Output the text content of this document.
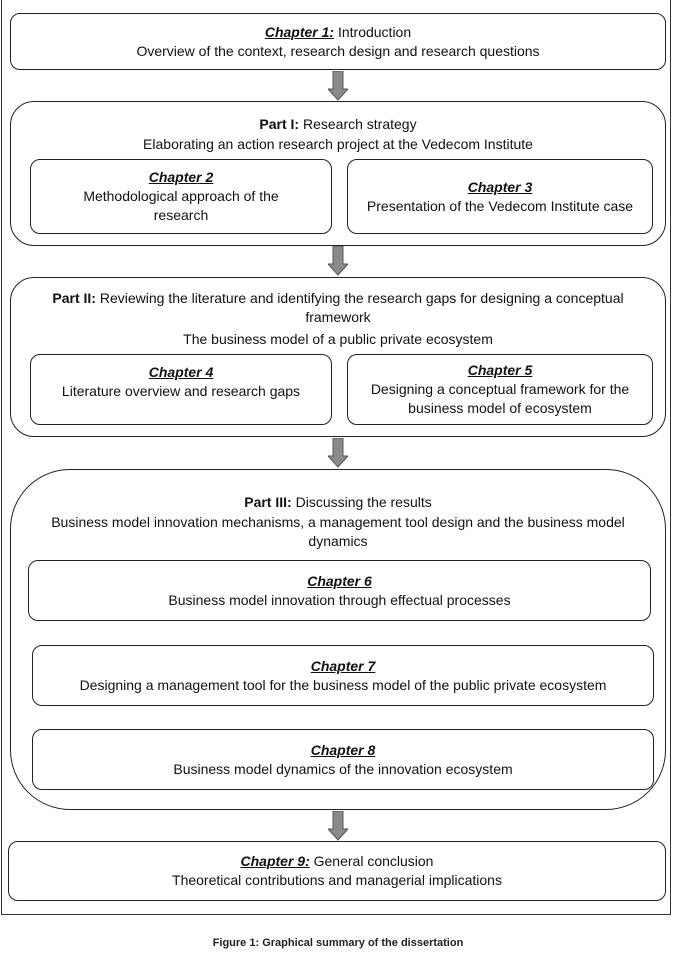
Chapter 1: Introduction
Overview of the context, research design and research questions
Part I: Research strategy
Elaborating an action research project at the Vedecom Institute
Chapter 2
Methodological approach of the research
Chapter 3
Presentation of the Vedecom Institute case
Part II: Reviewing the literature and identifying the research gaps for designing a conceptual framework
The business model of a public private ecosystem
Chapter 4
Literature overview and research gaps
Chapter 5
Designing a conceptual framework for the business model of ecosystem
Part III: Discussing the results
Business model innovation mechanisms, a management tool design and the business model dynamics
Chapter 6
Business model innovation through effectual processes
Chapter 7
Designing a management tool for the business model of the public private ecosystem
Chapter 8
Business model dynamics of the innovation ecosystem
Chapter 9: General conclusion
Theoretical contributions and managerial implications
Figure 1: Graphical summary of the dissertation
